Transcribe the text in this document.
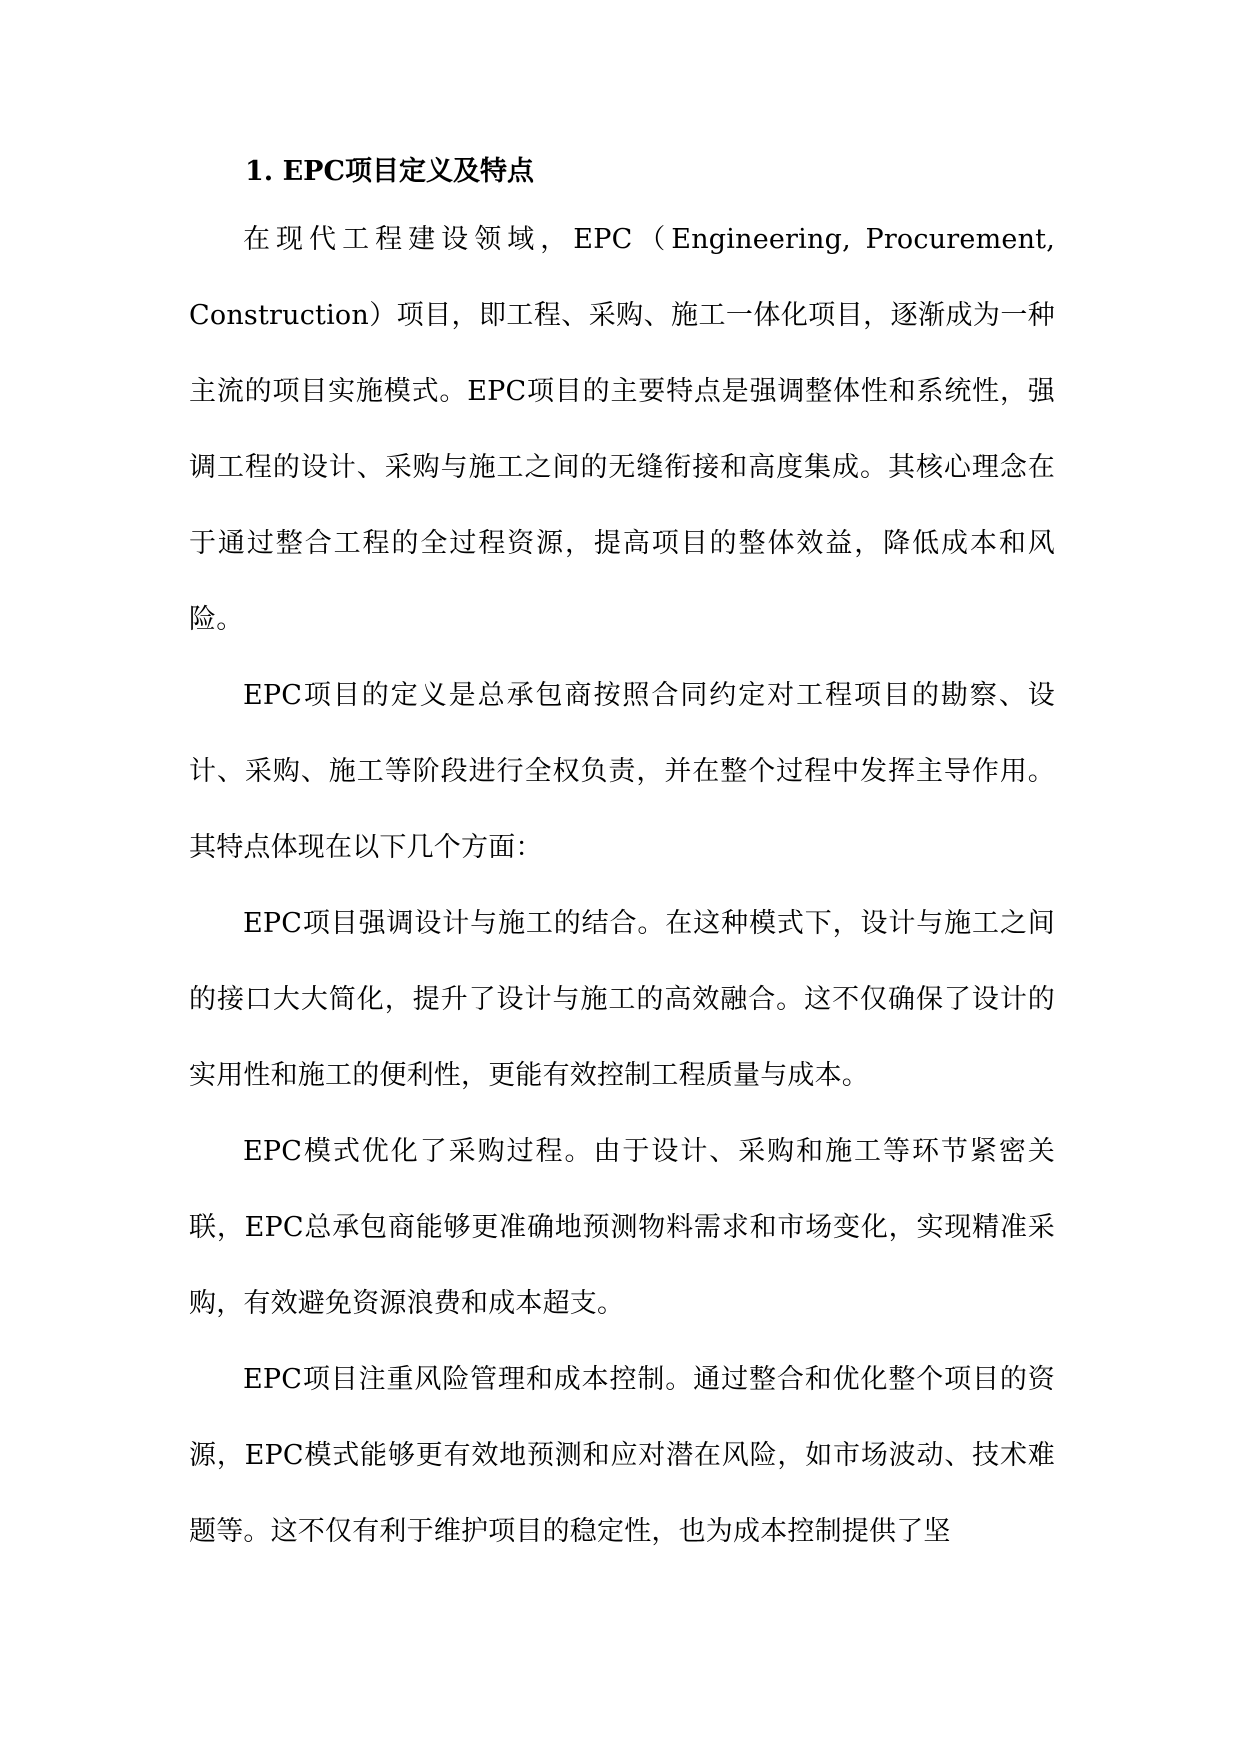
1. EPC项目定义及特点

在现代工程建设领域，EPC（Engineering, Procurement, Construction）项目，即工程、采购、施工一体化项目，逐渐成为一种主流的项目实施模式。EPC项目的主要特点是强调整体性和系统性，强调工程的设计、采购与施工之间的无缝衔接和高度集成。其核心理念在于通过整合工程的全过程资源，提高项目的整体效益，降低成本和风险。

EPC项目的定义是总承包商按照合同约定对工程项目的勘察、设计、采购、施工等阶段进行全权负责，并在整个过程中发挥主导作用。其特点体现在以下几个方面：

EPC项目强调设计与施工的结合。在这种模式下，设计与施工之间的接口大大简化，提升了设计与施工的高效融合。这不仅确保了设计的实用性和施工的便利性，更能有效控制工程质量与成本。

EPC模式优化了采购过程。由于设计、采购和施工等环节紧密关联，EPC总承包商能够更准确地预测物料需求和市场变化，实现精准采购，有效避免资源浪费和成本超支。

EPC项目注重风险管理和成本控制。通过整合和优化整个项目的资源，EPC模式能够更有效地预测和应对潜在风险，如市场波动、技术难题等。这不仅有利于维护项目的稳定性，也为成本控制提供了坚
